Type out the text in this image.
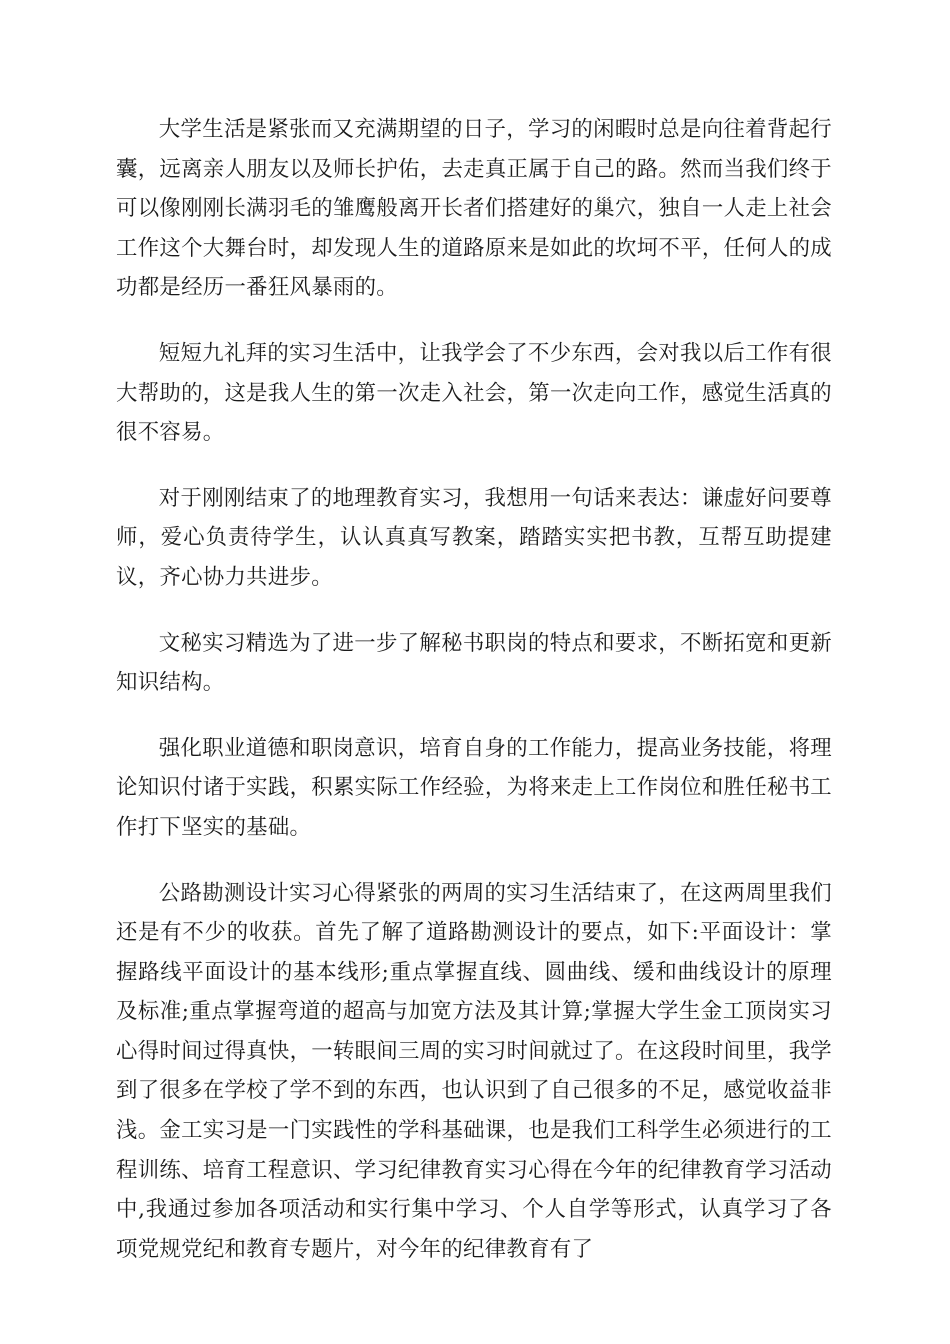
大学生活是紧张而又充满期望的日子，学习的闲暇时总是向往着背起行囊，远离亲人朋友以及师长护佑，去走真正属于自己的路。然而当我们终于可以像刚刚长满羽毛的雏鹰般离开长者们搭建好的巢穴，独自一人走上社会工作这个大舞台时，却发现人生的道路原来是如此的坎坷不平，任何人的成功都是经历一番狂风暴雨的。

短短九礼拜的实习生活中，让我学会了不少东西，会对我以后工作有很大帮助的，这是我人生的第一次走入社会，第一次走向工作，感觉生活真的很不容易。

对于刚刚结束了的地理教育实习，我想用一句话来表达：谦虚好问要尊师，爱心负责待学生，认认真真写教案，踏踏实实把书教，互帮互助提建议，齐心协力共进步。

文秘实习精选为了进一步了解秘书职岗的特点和要求，不断拓宽和更新知识结构。

强化职业道德和职岗意识，培育自身的工作能力，提高业务技能，将理论知识付诸于实践，积累实际工作经验，为将来走上工作岗位和胜任秘书工作打下坚实的基础。

公路勘测设计实习心得紧张的两周的实习生活结束了，在这两周里我们还是有不少的收获。首先了解了道路勘测设计的要点，如下:平面设计：掌握路线平面设计的基本线形;重点掌握直线、圆曲线、缓和曲线设计的原理及标准;重点掌握弯道的超高与加宽方法及其计算;掌握大学生金工顶岗实习心得时间过得真快，一转眼间三周的实习时间就过了。在这段时间里，我学到了很多在学校了学不到的东西，也认识到了自己很多的不足，感觉收益非浅。金工实习是一门实践性的学科基础课，也是我们工科学生必须进行的工程训练、培育工程意识、学习纪律教育实习心得在今年的纪律教育学习活动中,我通过参加各项活动和实行集中学习、个人自学等形式，认真学习了各项党规党纪和教育专题片，对今年的纪律教育有了
